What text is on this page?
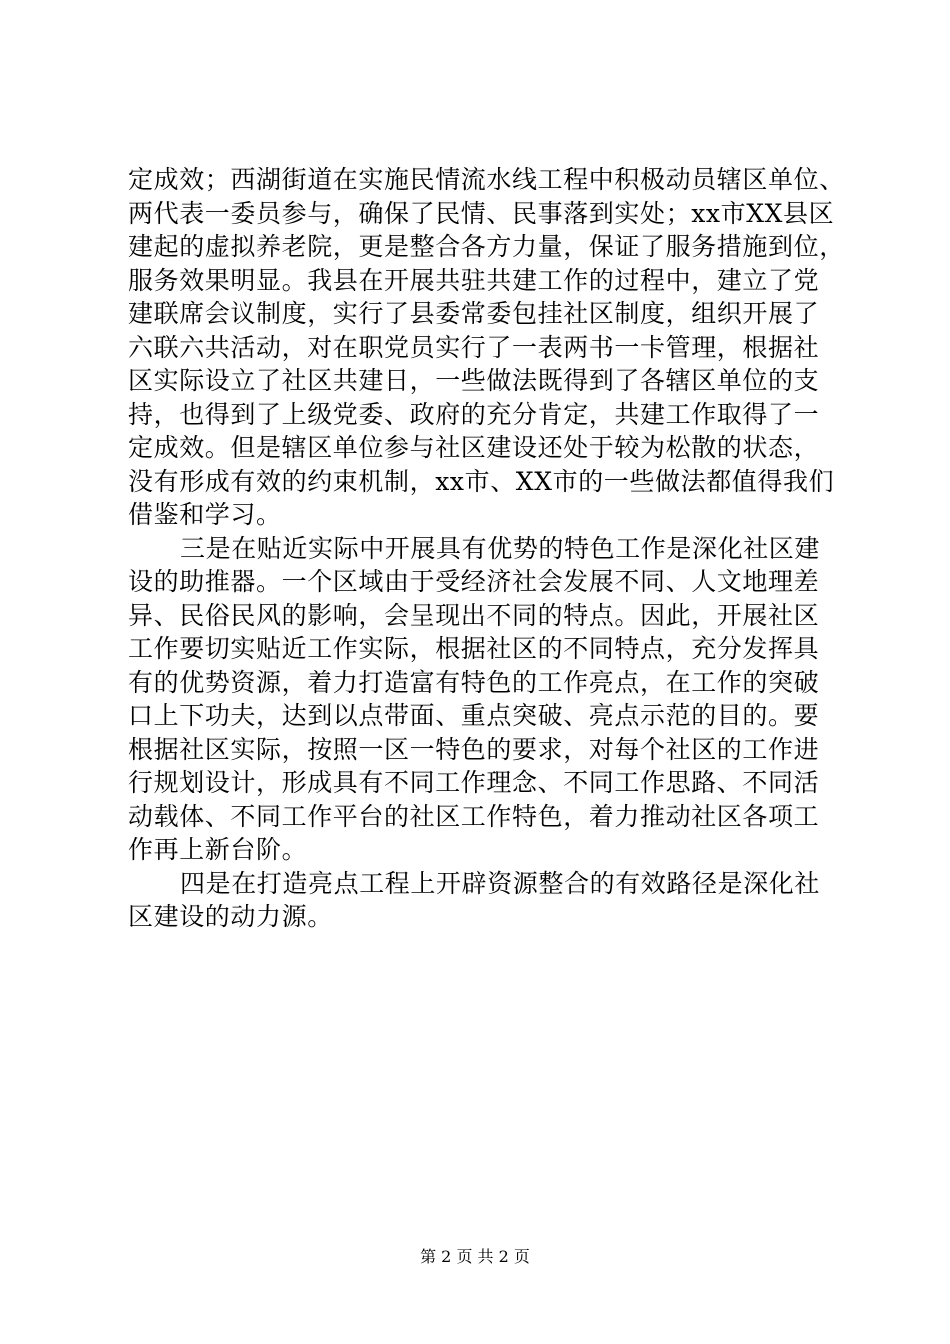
定成效；西湖街道在实施民情流水线工程中积极动员辖区单位、
两代表一委员参与，确保了民情、民事落到实处；xx市XX县区
建起的虚拟养老院，更是整合各方力量，保证了服务措施到位，
服务效果明显。我县在开展共驻共建工作的过程中，建立了党
建联席会议制度，实行了县委常委包挂社区制度，组织开展了
六联六共活动，对在职党员实行了一表两书一卡管理，根据社
区实际设立了社区共建日，一些做法既得到了各辖区单位的支
持，也得到了上级党委、政府的充分肯定，共建工作取得了一
定成效。但是辖区单位参与社区建设还处于较为松散的状态，
没有形成有效的约束机制，xx市、XX市的一些做法都值得我们
借鉴和学习。
三是在贴近实际中开展具有优势的特色工作是深化社区建
设的助推器。一个区域由于受经济社会发展不同、人文地理差
异、民俗民风的影响，会呈现出不同的特点。因此，开展社区
工作要切实贴近工作实际，根据社区的不同特点，充分发挥具
有的优势资源，着力打造富有特色的工作亮点，在工作的突破
口上下功夫，达到以点带面、重点突破、亮点示范的目的。要
根据社区实际，按照一区一特色的要求，对每个社区的工作进
行规划设计，形成具有不同工作理念、不同工作思路、不同活
动载体、不同工作平台的社区工作特色，着力推动社区各项工
作再上新台阶。
四是在打造亮点工程上开辟资源整合的有效路径是深化社
区建设的动力源。
第 2 页 共 2 页
